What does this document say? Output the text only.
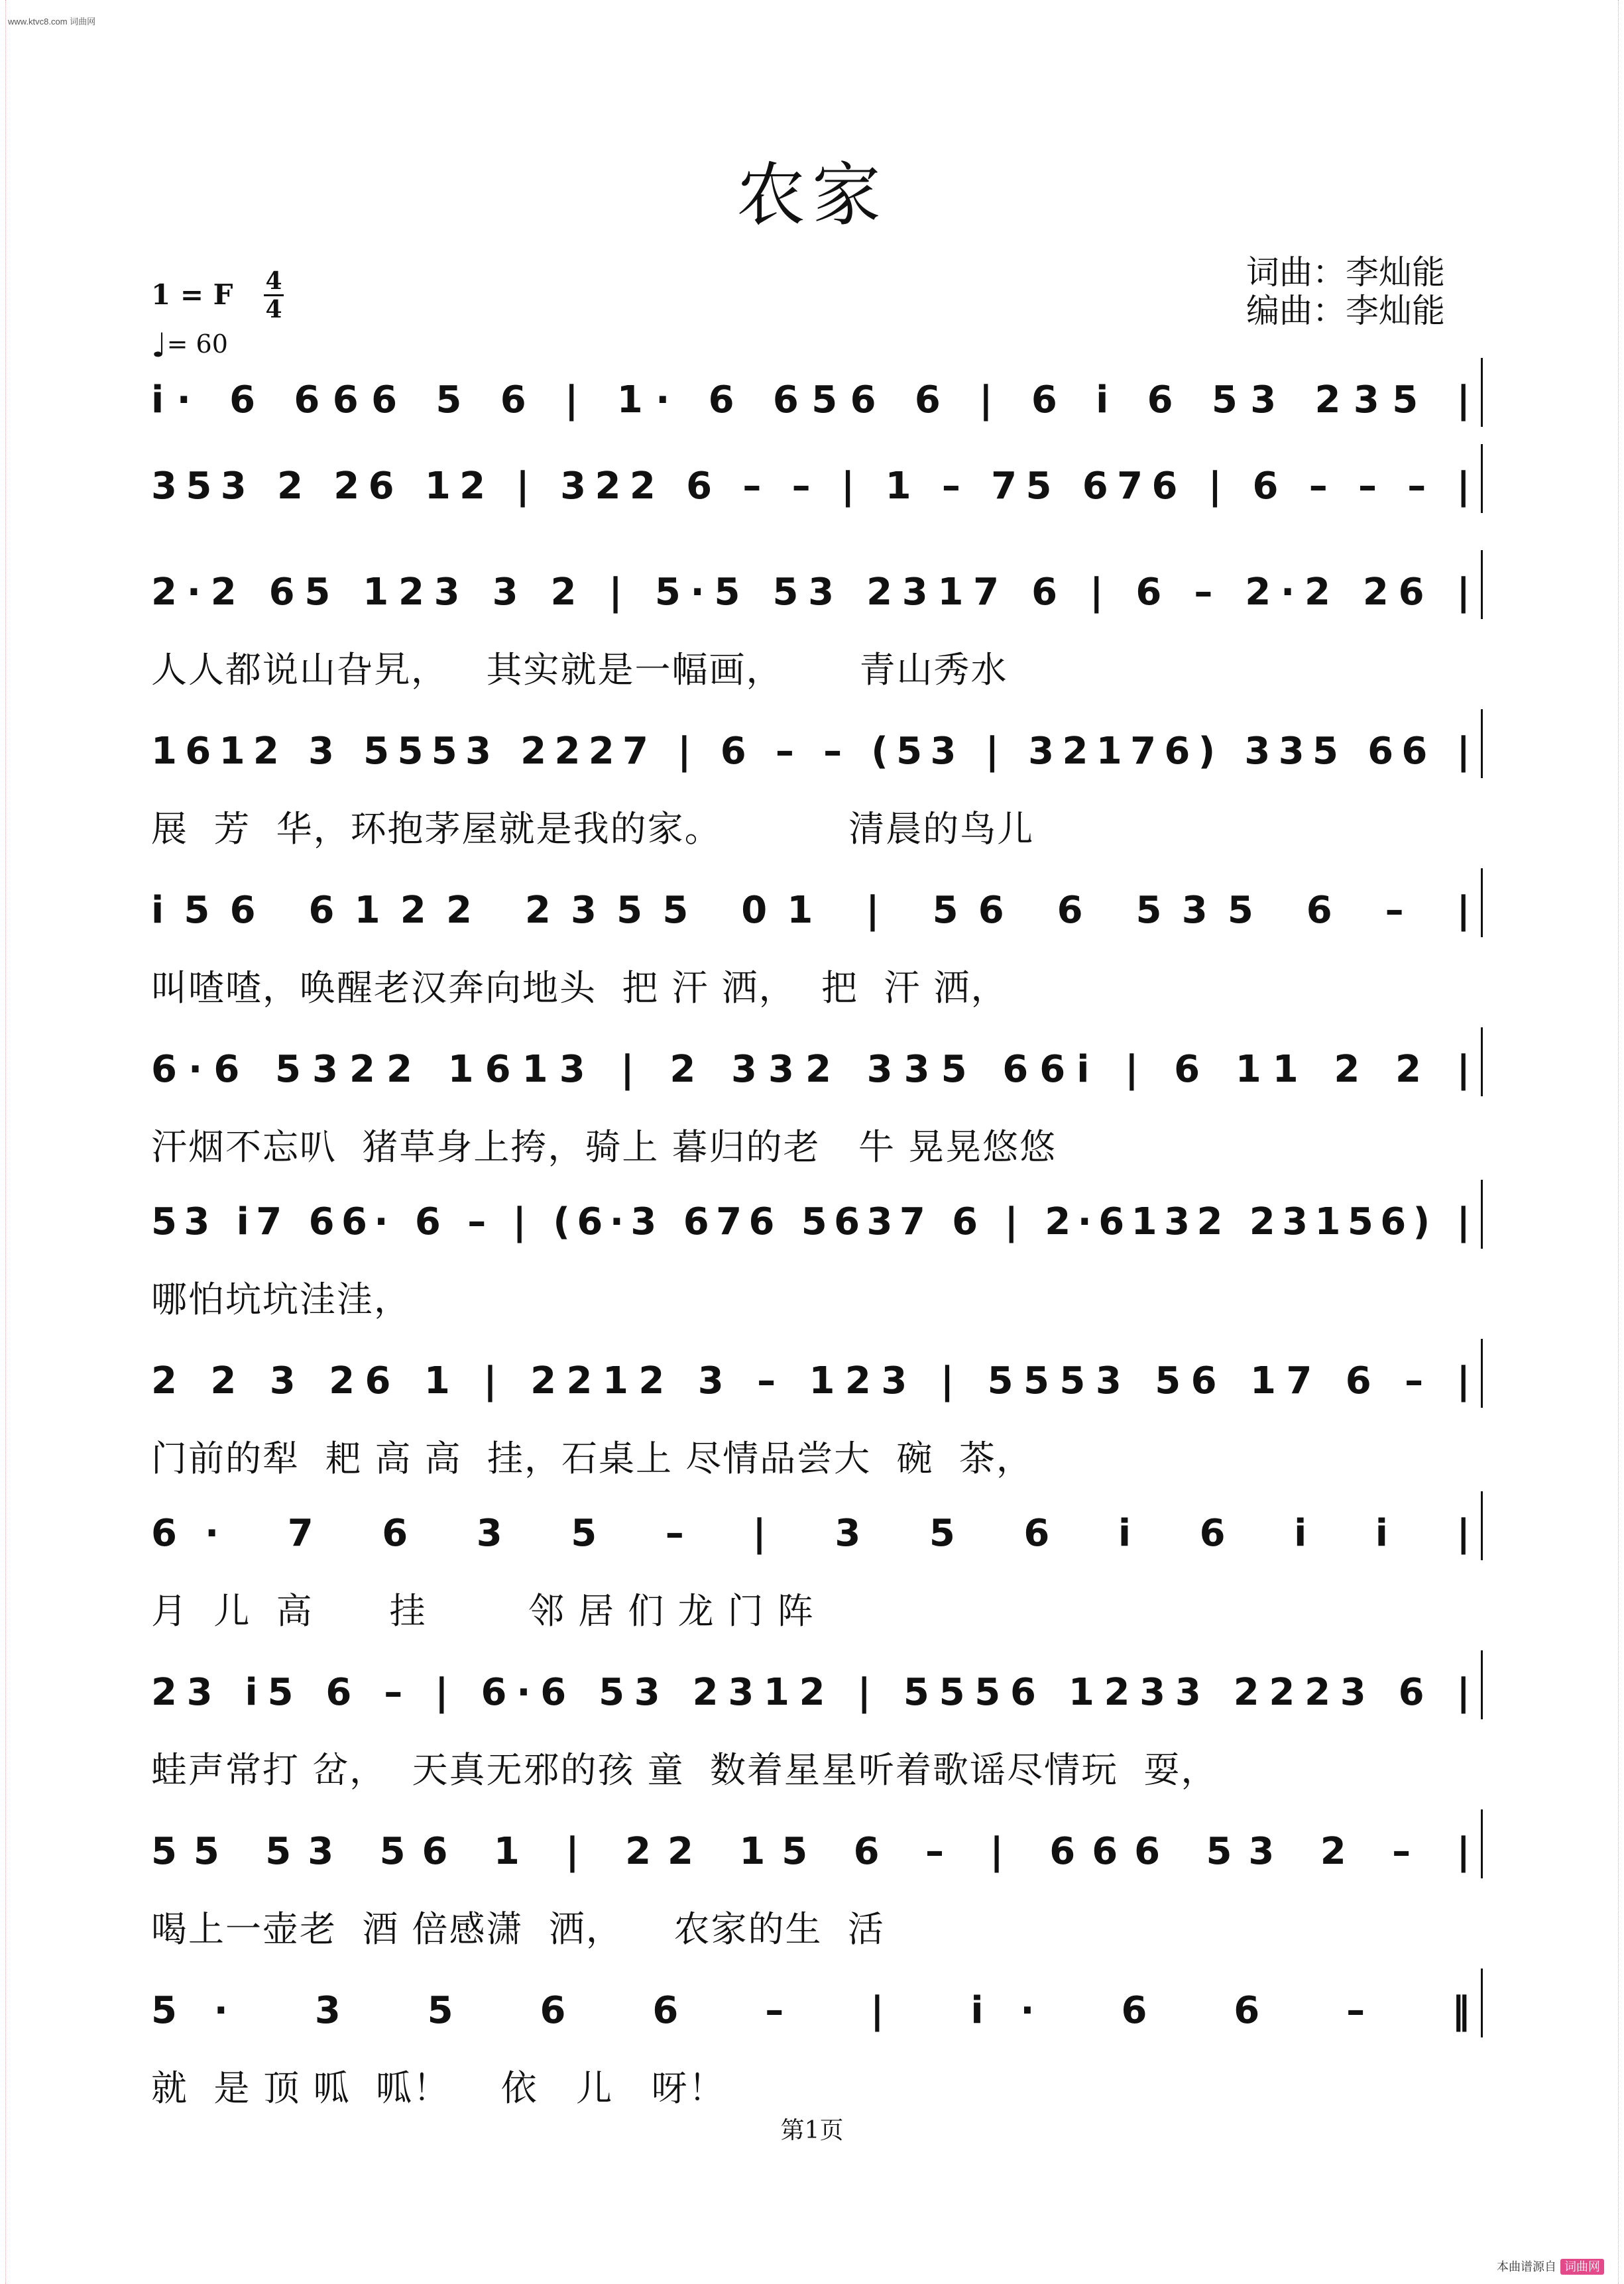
www.ktvc8.com 词曲网
农家
词曲：李灿能
编曲：李灿能
1 = F 4
4
♩= 60
i· 6 666 5 6 | 1· 6 656 6 | 6 i 6 53 235 |
353 2 26 12 | 322 6 – – | 1 – 75 676 | 6 – – – |
2·2 65 123 3 2 | 5·5 53 2317 6 | 6 – 2·2 26 |
人人都说山旮旯，   其实就是一幅画，      青山秀水
1612 3 5553 2227 | 6 – – (53 | 32176) 335 66 |
展  芳  华，环抱茅屋就是我的家。          清晨的鸟儿
i56 6122 2355 01 | 56 6 535 6 – |
叫喳喳，唤醒老汉奔向地头  把 汗 洒，  把  汗 洒，
6·6 5322 1613 | 2 332 335 66i | 6 11 2 2 |
汗烟不忘叭  猪草身上挎，骑上 暮归的老   牛 晃晃悠悠
53 i7 66· 6 – | (6·3 676 5637 6 | 2·6132 23156) |
哪怕坑坑洼洼，
2 2 3 26 1 | 2212 3 – 123 | 5553 56 17 6 – |
门前的犁  耙 高 高  挂，石桌上 尽情品尝大  碗  茶，
6· 7 6 3 5 – | 3 5 6 i 6 i i |
月  儿  高      挂        邻 居 们 龙 门 阵
23 i5 6 – | 6·6 53 2312 | 5556 1233 2223 6 |
蛙声常打 岔，  天真无邪的孩 童  数着星星听着歌谣尽情玩  耍，
55 53 56 1 | 22 15 6 – | 666 53 2 – |
喝上一壶老  酒 倍感潇  洒，    农家的生  活
5· 3 5 6 6 – | i· 6 6 – ‖
就  是 顶 呱  呱！    依   儿   呀！
第1页
本曲谱源自 词曲网
